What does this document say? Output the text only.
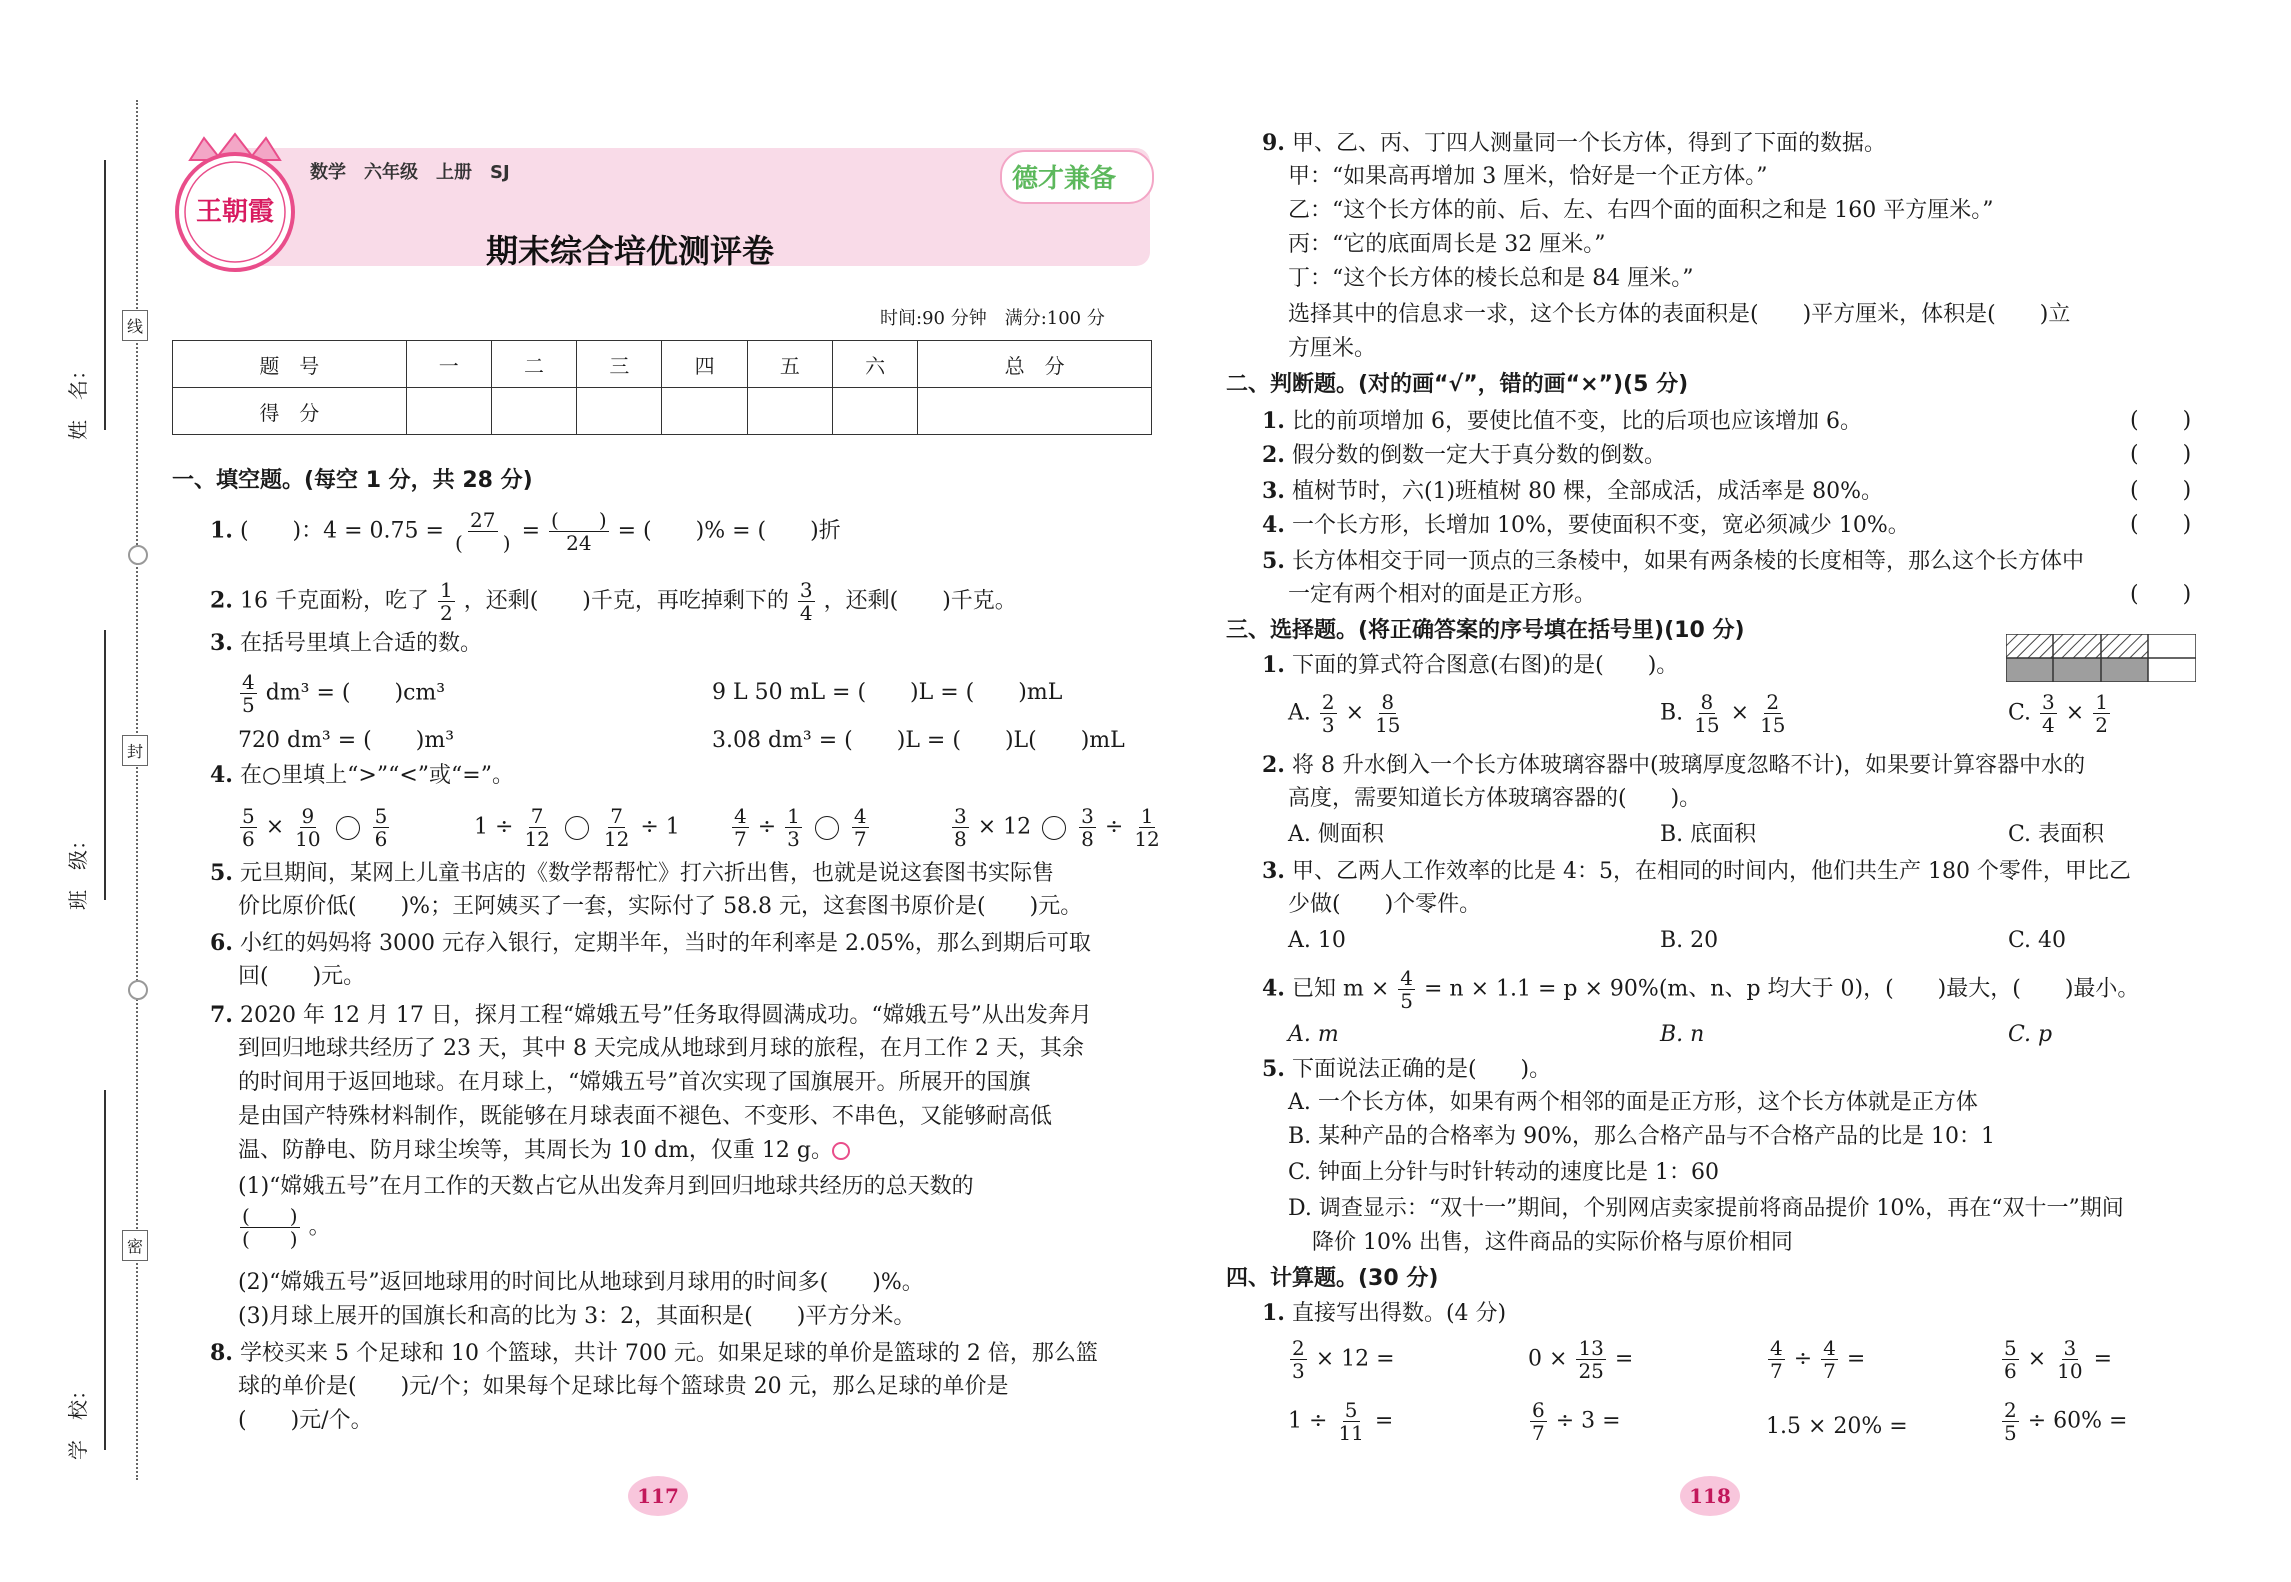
姓　名：
班　级：
学　校：
线
封
密
王朝霞
数学　六年级　上册　SJ
期末综合培优测评卷
德才兼备
时间:90 分钟　满分:100 分
题　号	一	二	三	四	五	六	总　分
得　分							
一、填空题。(每空 1 分，共 28 分)
1. (　　)：$4 = 0.75 = \frac{27}{( )} = \frac{( )}{24}$ = (　　)% = (　　)折
2. 16 千克面粉，吃了 $\frac{1}{2}$ ，还剩(　　)千克，再吃掉剩下的 $\frac{3}{4}$ ，还剩(　　)千克。
3. 在括号里填上合适的数。
$\frac{4}{5} dm^3$ = (　　)cm³	9 L 50 mL = (　　)L = (　　)mL
720 dm³ = (　　)m³	3.08 dm³ = (　　)L = (　　)L(　　)mL
4. 在○里填上“>”“<”或“=”。
$\frac{5}{6} \times \frac{9}{10}$
	$\frac{5}{6}$	$1 \div \frac{7}{12}$
	$\frac{7}{12} \div 1$	$\frac{4}{7} \div \frac{1}{3}$
	$\frac{4}{7}$	$\frac{3}{8} \times 12 \frac{3}{8} \div \frac{1}{12}$
5. 元旦期间，某网上儿童书店的《数学帮帮忙》打六折出售，也就是说这套图书实际售
价比原价低(　　)%；王阿姨买了一套，实际付了 58.8 元，这套图书原价是(　　)元。
6. 小红的妈妈将 3000 元存入银行，定期半年，当时的年利率是 2.05%，那么到期后可取
回(　　)元。
7. 2020 年 12 月 17 日，探月工程“嫦娥五号”任务取得圆满成功。“嫦娥五号”从出发奔月
到回归地球共经历了 23 天，其中 8 天完成从地球到月球的旅程，在月工作 2 天，其余
的时间用于返回地球。在月球上，“嫦娥五号”首次实现了国旗展开。所展开的国旗
是由国产特殊材料制作，既能够在月球表面不褪色、不变形、不串色，又能够耐高低
温、防静电、防月球尘埃等，其周长为 10 dm，仅重 12 g。
(1)“嫦娥五号”在月工作的天数占它从出发奔月到回归地球共经历的总天数的
$\frac{( )}{( )}$ 。
(2)“嫦娥五号”返回地球用的时间比从地球到月球用的时间多(　　)%。
(3)月球上展开的国旗长和高的比为 3：2，其面积是(　　)平方分米。
8. 学校买来 5 个足球和 10 个篮球，共计 700 元。如果足球的单价是篮球的 2 倍，那么篮
球的单价是(　　)元/个；如果每个足球比每个篮球贵 20 元，那么足球的单价是
(　　)元/个。
117
9. 甲、乙、丙、丁四人测量同一个长方体，得到了下面的数据。
甲：“如果高再增加 3 厘米，恰好是一个正方体。”
乙：“这个长方体的前、后、左、右四个面的面积之和是 160 平方厘米。”
丙：“它的底面周长是 32 厘米。”
丁：“这个长方体的棱长总和是 84 厘米。”
选择其中的信息求一求，这个长方体的表面积是(　　)平方厘米，体积是(　　)立
方厘米。
二、判断题。(对的画“√”，错的画“×”)(5 分)
1. 比的前项增加 6，要使比值不变，比的后项也应该增加 6。	(　　)
2. 假分数的倒数一定大于真分数的倒数。	(　　)
3. 植树节时，六(1)班植树 80 棵，全部成活，成活率是 80%。	(　　)
4. 一个长方形，长增加 10%，要使面积不变，宽必须减少 10%。	(　　)
5. 长方体相交于同一顶点的三条棱中，如果有两条棱的长度相等，那么这个长方体中
一定有两个相对的面是正方形。	(　　)
三、选择题。(将正确答案的序号填在括号里)(10 分)
1. 下面的算式符合图意(右图)的是(　　)。
A. $\frac{2}{3} \times \frac{8}{15}$	B. $\frac{8}{15} \times \frac{2}{15}$	C. $\frac{3}{4} \times \frac{1}{2}$
2. 将 8 升水倒入一个长方体玻璃容器中(玻璃厚度忽略不计)，如果要计算容器中水的
高度，需要知道长方体玻璃容器的(　　)。
A. 侧面积	B. 底面积	C. 表面积
3. 甲、乙两人工作效率的比是 4：5，在相同的时间内，他们共生产 180 个零件，甲比乙
少做(　　)个零件。
A. 10	B. 20	C. 40
4. 已知 $m \times \frac{4}{5} = n \times 1.1 = p \times 90\%(m$、n、p 均大于 0)，(　　)最大，(　　)最小。
A. m	B. n	C. p
5. 下面说法正确的是(　　)。
A. 一个长方体，如果有两个相邻的面是正方形，这个长方体就是正方体
B. 某种产品的合格率为 90%，那么合格产品与不合格产品的比是 10：1
C. 钟面上分针与时针转动的速度比是 1：60
D. 调查显示：“双十一”期间，个别网店卖家提前将商品提价 10%，再在“双十一”期间
降价 10% 出售，这件商品的实际价格与原价相同
四、计算题。(30 分)
1. 直接写出得数。(4 分)
$\frac{2}{3} \times 12$ =	$0 \times \frac{13}{25}$ =	$\frac{4}{7} \div \frac{4}{7}$ =	$\frac{5}{6} \times \frac{3}{10}$ =
$1 \div \frac{5}{11}$ =	$\frac{6}{7} \div 3$ =	1.5 × 20% =	$\frac{2}{5} \div 60\%$ =
118
